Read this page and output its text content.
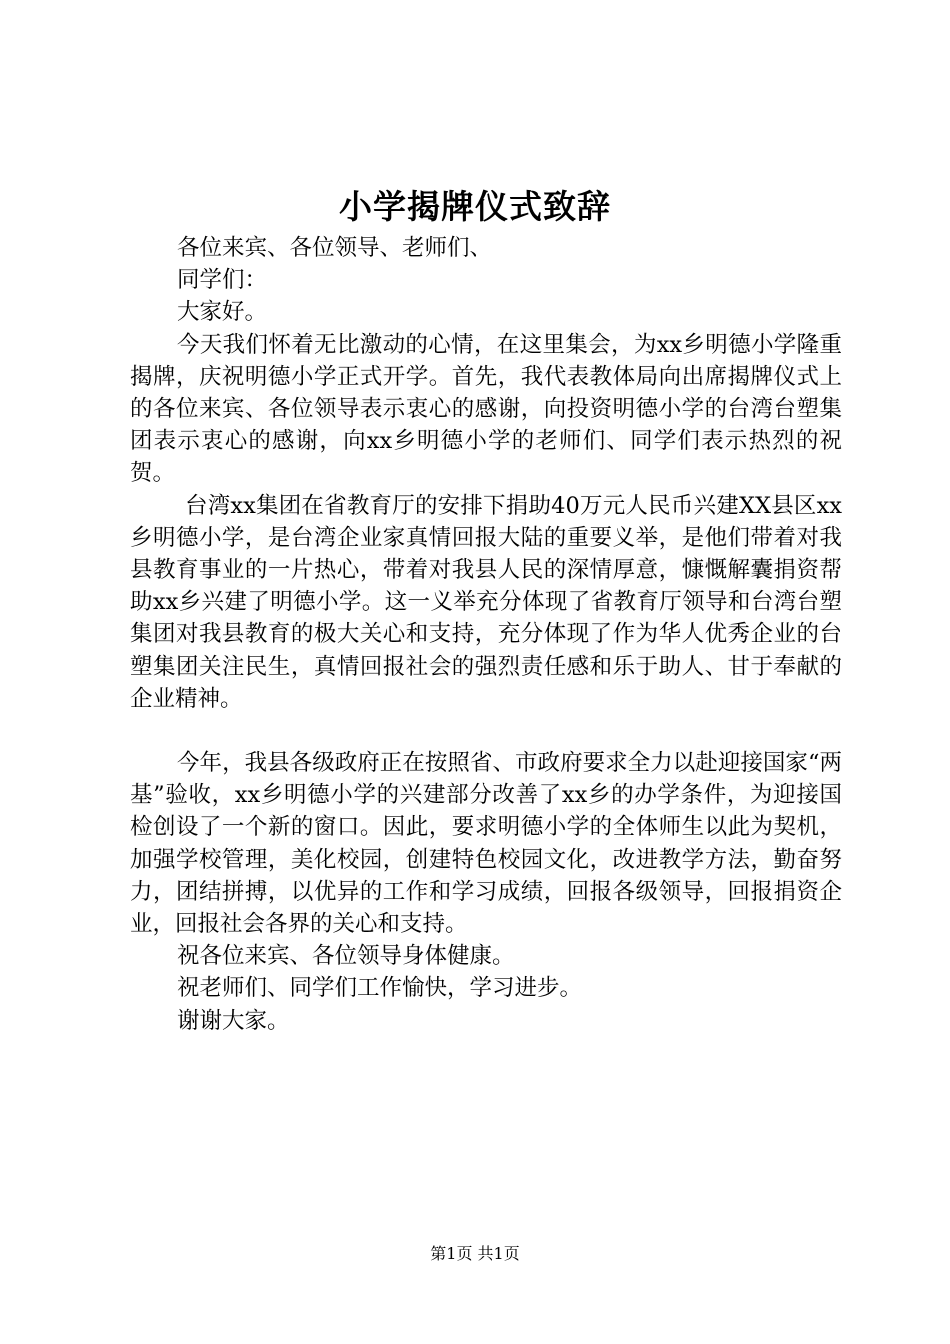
小学揭牌仪式致辞

各位来宾、各位领导、老师们、

同学们：

大家好。

今天我们怀着无比激动的心情，在这里集会，为xx乡明德小学隆重揭牌，庆祝明德小学正式开学。首先，我代表教体局向出席揭牌仪式上的各位来宾、各位领导表示衷心的感谢，向投资明德小学的台湾台塑集团表示衷心的感谢，向xx乡明德小学的老师们、同学们表示热烈的祝贺。

台湾xx集团在省教育厅的安排下捐助40万元人民币兴建XX县区xx乡明德小学，是台湾企业家真情回报大陆的重要义举，是他们带着对我县教育事业的一片热心，带着对我县人民的深情厚意，慷慨解囊捐资帮助xx乡兴建了明德小学。这一义举充分体现了省教育厅领导和台湾台塑集团对我县教育的极大关心和支持，充分体现了作为华人优秀企业的台塑集团关注民生，真情回报社会的强烈责任感和乐于助人、甘于奉献的企业精神。

今年，我县各级政府正在按照省、市政府要求全力以赴迎接国家“两基”验收，xx乡明德小学的兴建部分改善了xx乡的办学条件，为迎接国检创设了一个新的窗口。因此，要求明德小学的全体师生以此为契机，加强学校管理，美化校园，创建特色校园文化，改进教学方法，勤奋努力，团结拼搏，以优异的工作和学习成绩，回报各级领导，回报捐资企业，回报社会各界的关心和支持。

祝各位来宾、各位领导身体健康。

祝老师们、同学们工作愉快，学习进步。

谢谢大家。

第1页 共1页
